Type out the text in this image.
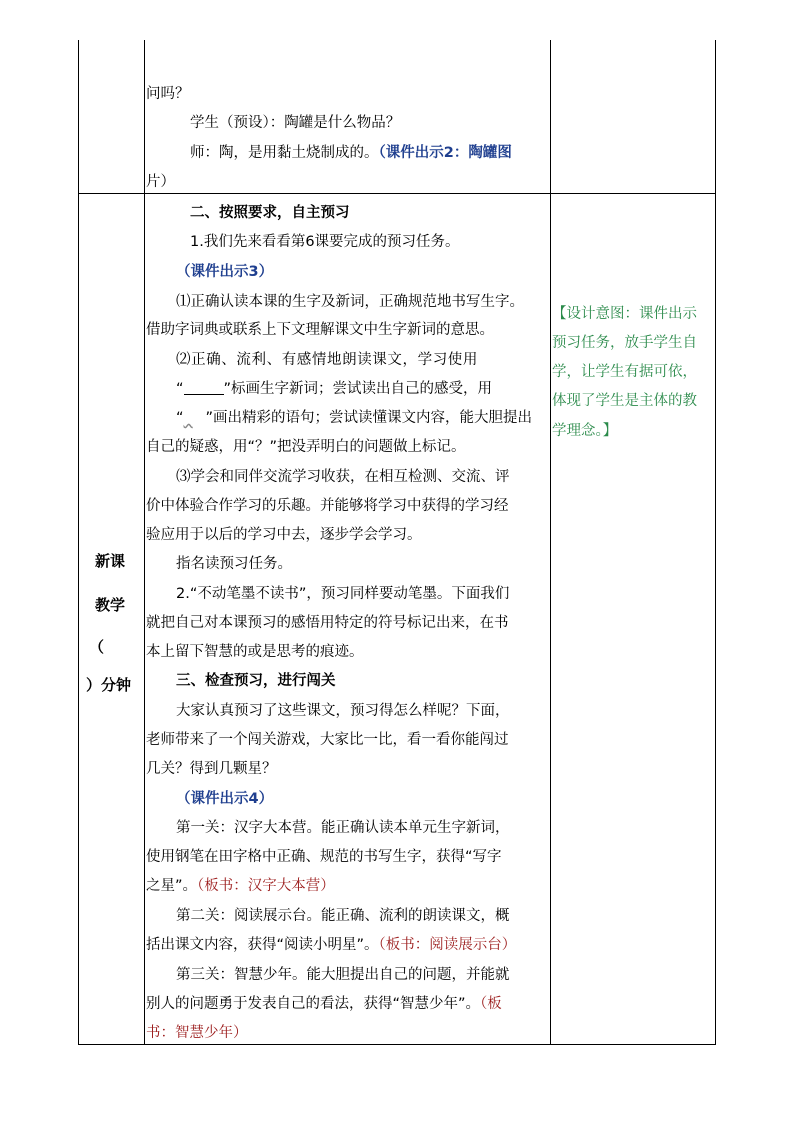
问吗？
学生（预设）：陶罐是什么物品？
师：陶，是用黏土烧制成的。（课件出示2：陶罐图
片）
新课
教学
（
）分钟
二、按照要求，自主预习
1.我们先来看看第6课要完成的预习任务。
（课件出示3）
⑴正确认读本课的生字及新词，正确规范地书写生字。
借助字词典或联系上下文理解课文中生字新词的意思。
⑵正确、流利、有感情地朗读课文，学习使用
“	”标画生字新词；尝试读出自己的感受，用
“ ”画出精彩的语句；尝试读懂课文内容，能大胆提出
自己的疑惑，用“？”把没弄明白的问题做上标记。
⑶学会和同伴交流学习收获，在相互检测、交流、评
价中体验合作学习的乐趣。并能够将学习中获得的学习经
验应用于以后的学习中去，逐步学会学习。
指名读预习任务。
2.“不动笔墨不读书”，预习同样要动笔墨。下面我们
就把自己对本课预习的感悟用特定的符号标记出来，在书
本上留下智慧的或是思考的痕迹。
三、检查预习，进行闯关
大家认真预习了这些课文，预习得怎么样呢？下面，
老师带来了一个闯关游戏，大家比一比，看一看你能闯过
几关？得到几颗星？
（课件出示4）
第一关：汉字大本营。能正确认读本单元生字新词，
使用钢笔在田字格中正确、规范的书写生字，获得“写字
之星”。（板书：汉字大本营）
第二关：阅读展示台。能正确、流利的朗读课文，概
括出课文内容，获得“阅读小明星”。（板书：阅读展示台）
第三关：智慧少年。能大胆提出自己的问题，并能就
别人的问题勇于发表自己的看法，获得“智慧少年”。（板
书：智慧少年）
【设计意图：课件出示
预习任务，放手学生自
学，让学生有据可依，
体现了学生是主体的教
学理念。】
